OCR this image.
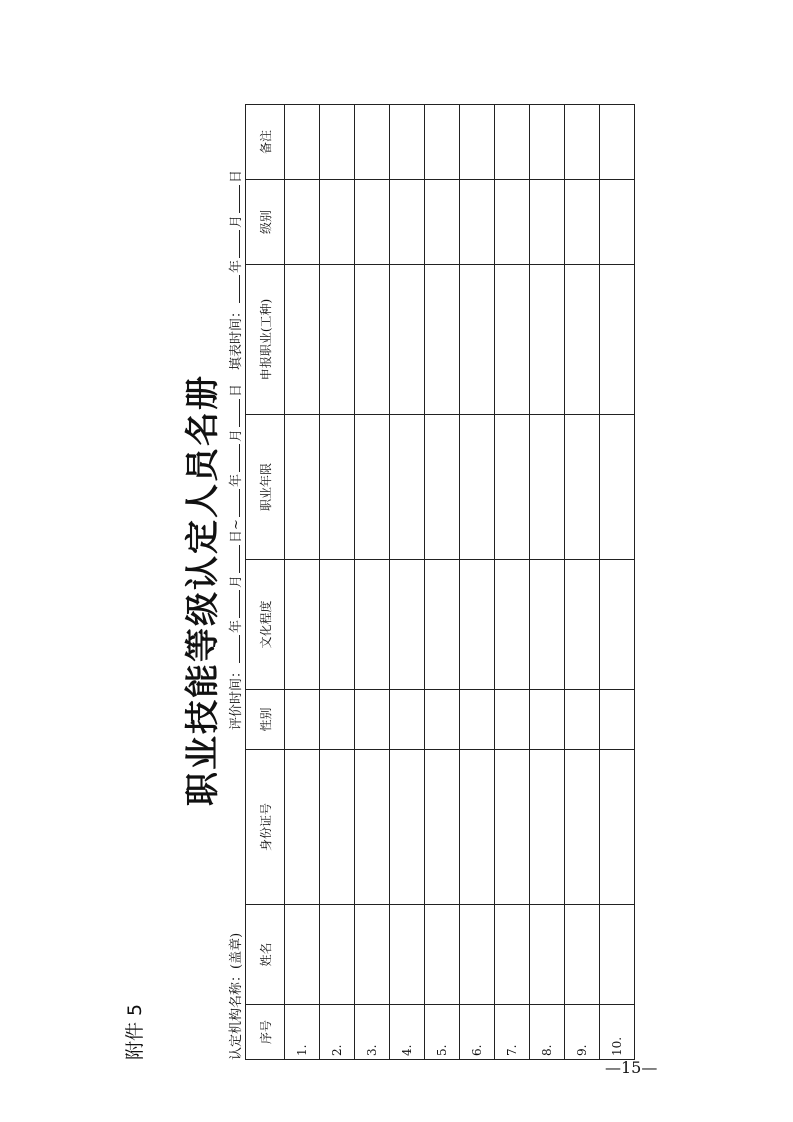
附件 5
职业技能等级认定人员名册
认定机构名称：(盖章)
评价时间：年月日~年月日
填表时间：年月日
序号	姓名	身份证号	性别	文化程度	职业年限	申报职业(工种)	级别	备注
1.								
2.								
3.								
4.								
5.								
6.								
7.								
8.								
9.								
10.								
—15—
